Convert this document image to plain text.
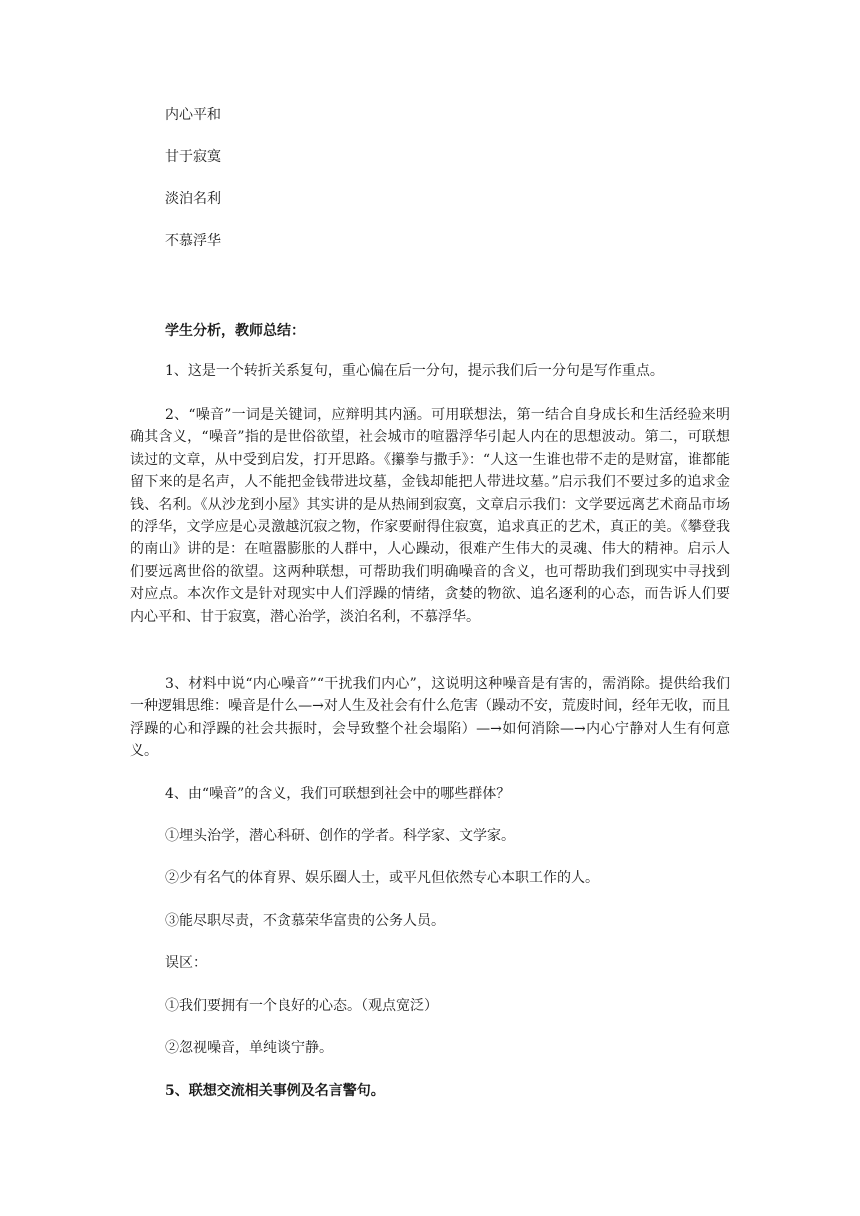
内心平和
甘于寂寞
淡泊名利
不慕浮华
学生分析，教师总结：

1、这是一个转折关系复句，重心偏在后一分句，提示我们后一分句是写作重点。

2、“噪音”一词是关键词，应辩明其内涵。可用联想法，第一结合自身成长和生活经验来明确其含义，“噪音”指的是世俗欲望，社会城市的喧嚣浮华引起人内在的思想波动。第二，可联想读过的文章，从中受到启发，打开思路。《攥拳与撒手》：“人这一生谁也带不走的是财富，谁都能留下来的是名声，人不能把金钱带进坟墓，金钱却能把人带进坟墓。”启示我们不要过多的追求金钱、名利。《从沙龙到小屋》其实讲的是从热闹到寂寞，文章启示我们：文学要远离艺术商品市场的浮华，文学应是心灵激越沉寂之物，作家要耐得住寂寞，追求真正的艺术，真正的美。《攀登我的南山》讲的是：在喧嚣膨胀的人群中，人心躁动，很难产生伟大的灵魂、伟大的精神。启示人们要远离世俗的欲望。这两种联想，可帮助我们明确噪音的含义，也可帮助我们到现实中寻找到对应点。本次作文是针对现实中人们浮躁的情绪，贪婪的物欲、追名逐利的心态，而告诉人们要内心平和、甘于寂寞，潜心治学，淡泊名利，不慕浮华。

3、材料中说“内心噪音”“干扰我们内心”，这说明这种噪音是有害的，需消除。提供给我们一种逻辑思维：噪音是什么—→对人生及社会有什么危害（躁动不安，荒废时间，经年无收，而且浮躁的心和浮躁的社会共振时，会导致整个社会塌陷）—→如何消除—→内心宁静对人生有何意义。

4、由“噪音”的含义，我们可联想到社会中的哪些群体？
①埋头治学，潜心科研、创作的学者。科学家、文学家。
②少有名气的体育界、娱乐圈人士，或平凡但依然专心本职工作的人。
③能尽职尽责，不贪慕荣华富贵的公务人员。
误区：
①我们要拥有一个良好的心态。（观点宽泛）
②忽视噪音，单纯谈宁静。
5、联想交流相关事例及名言警句。
